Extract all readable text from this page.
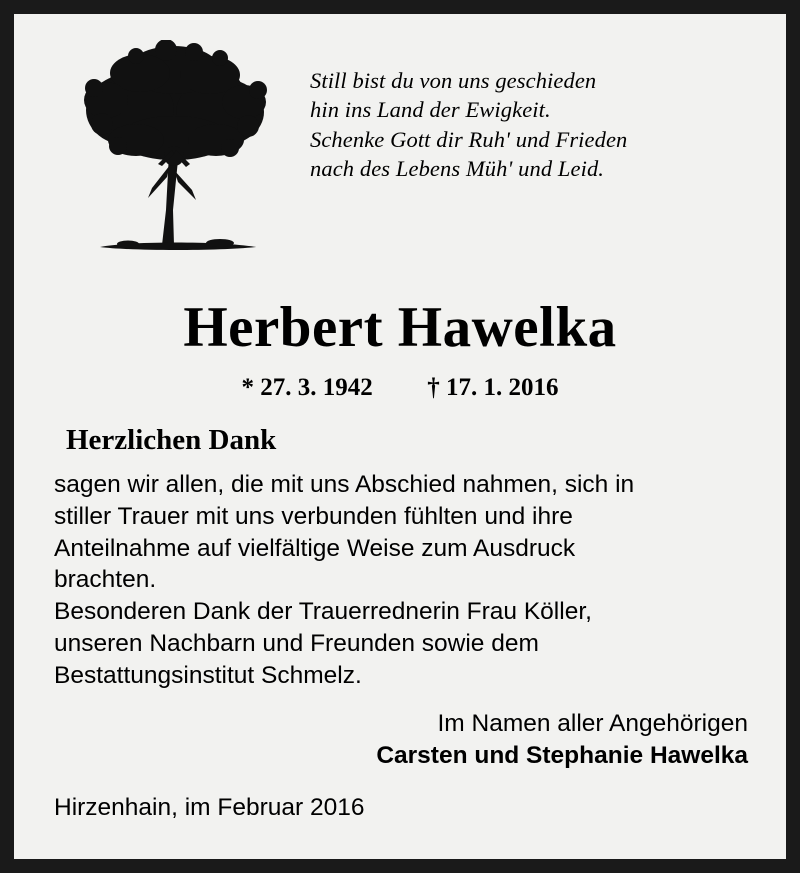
Still bist du von uns geschieden
hin ins Land der Ewigkeit.
Schenke Gott dir Ruh' und Frieden
nach des Lebens Müh' und Leid.
Herbert Hawelka
* 27. 3. 1942 † 17. 1. 2016
Herzlichen Dank

sagen wir allen, die mit uns Abschied nahmen, sich in

stiller Trauer mit uns verbunden fühlten und ihre

Anteilnahme auf vielfältige Weise zum Ausdruck

brachten.

Besonderen Dank der Trauerrednerin Frau Köller,

unseren Nachbarn und Freunden sowie dem

Bestattungsinstitut Schmelz.

Im Namen aller Angehörigen
Carsten und Stephanie Hawelka
Hirzenhain, im Februar 2016
